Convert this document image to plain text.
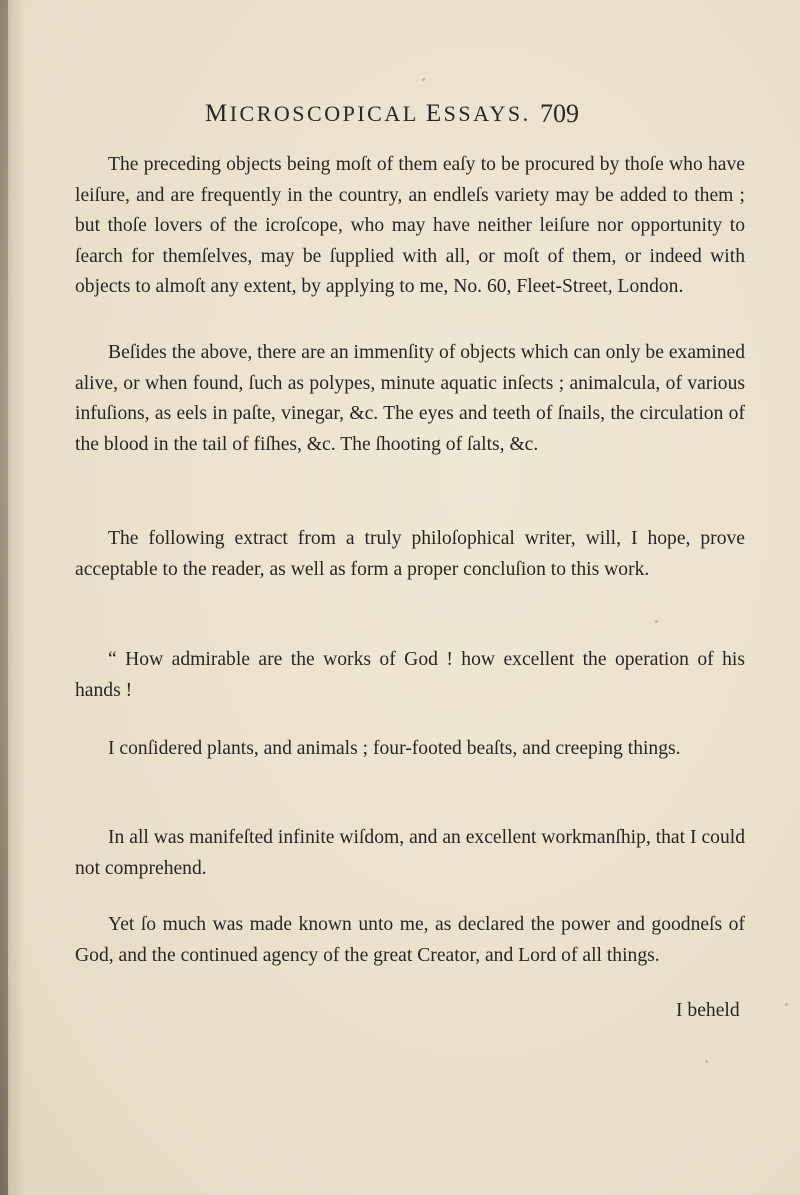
MICROSCOPICAL ESSAYS. 709

The preceding objects being moſt of them eaſy to be procured by thoſe who have leiſure, and are frequently in the country, an endleſs variety may be added to them ; but thoſe lovers of the icroſcope, who may have neither leiſure nor opportunity to ſearch for themſelves, may be ſupplied with all, or moſt of them, or indeed with objects to almoſt any extent, by applying to me, No. 60, Fleet-Street, London.

Beſides the above, there are an immenſity of objects which can only be examined alive, or when found, ſuch as polypes, minute aquatic inſects ; animalcula, of various infuſions, as eels in paſte, vinegar, &c. The eyes and teeth of ſnails, the circulation of the blood in the tail of fiſhes, &c. The ſhooting of ſalts, &c.

The following extract from a truly philoſophical writer, will, I hope, prove acceptable to the reader, as well as form a proper concluſion to this work.

“ How admirable are the works of God ! how excellent the operation of his hands !

I conſidered plants, and animals ; four-footed beaſts, and creeping things.

In all was manifeſted infinite wiſdom, and an excellent workmanſhip, that I could not comprehend.

Yet ſo much was made known unto me, as declared the power and goodneſs of God, and the continued agency of the great Creator, and Lord of all things.

I beheld
